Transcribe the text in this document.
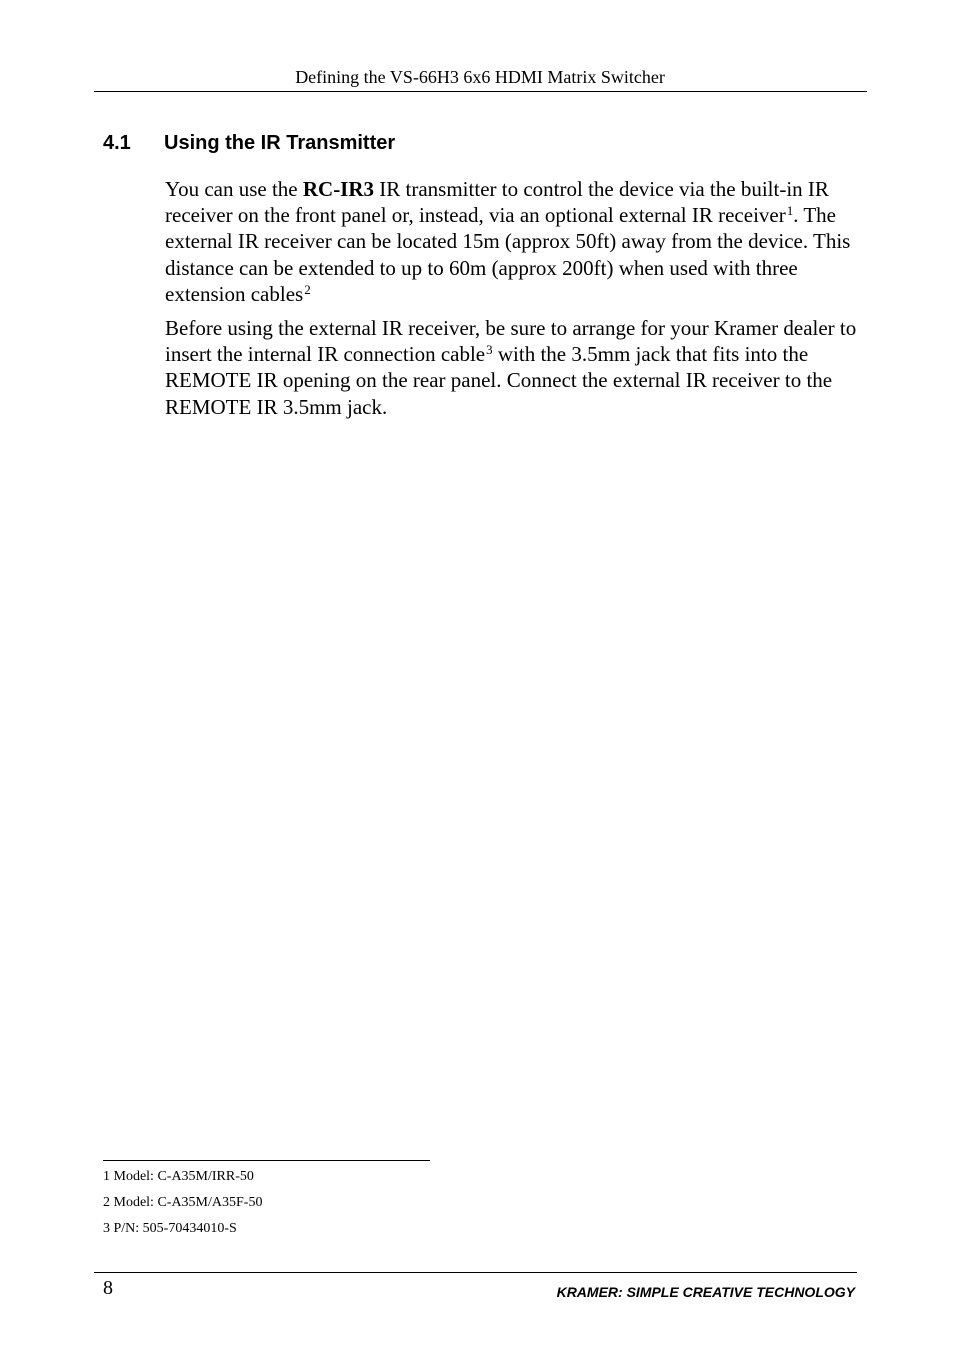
Defining the VS-66H3 6x6 HDMI Matrix Switcher
4.1 Using the IR Transmitter

You can use the RC-IR3 IR transmitter to control the device via the built-in IR receiver on the front panel or, instead, via an optional external IR receiver$^1$. The external IR receiver can be located 15m (approx 50ft) away from the device. This distance can be extended to up to 60m (approx 200ft) when used with three extension cables$^2$

Before using the external IR receiver, be sure to arrange for your Kramer dealer to insert the internal IR connection cable$^3$ with the 3.5mm jack that fits into the REMOTE IR opening on the rear panel. Connect the external IR receiver to the REMOTE IR 3.5mm jack.

1 Model: C-A35M/IRR-50
2 Model: C-A35M/A35F-50
3 P/N: 505-70434010-S
8	KRAMER: SIMPLE CREATIVE TECHNOLOGY
